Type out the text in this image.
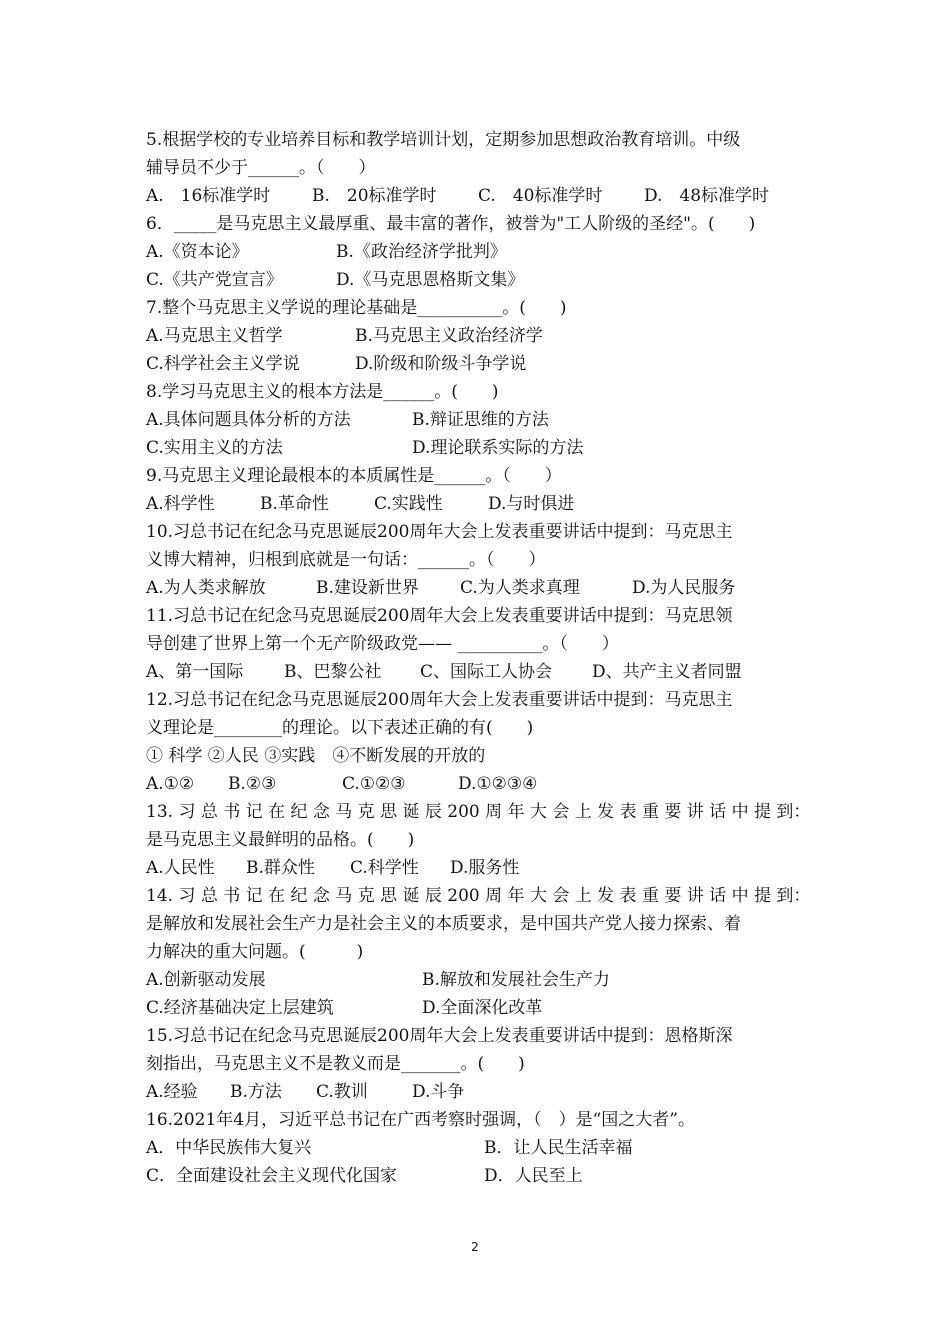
5.根据学校的专业培养目标和教学培训计划，定期参加思想政治教育培训。中级
辅导员不少于______。（　　）
A.　16标准学时 B.　20标准学时 C.　40标准学时 D.　48标准学时
6．_____是马克思主义最厚重、最丰富的著作，被誉为"工人阶级的圣经"。(　　)
A.《资本论》	B.《政治经济学批判》
C.《共产党宣言》	D.《马克思恩格斯文集》
7.整个马克思主义学说的理论基础是__________。(　　)
A.马克思主义哲学	B.马克思主义政治经济学
C.科学社会主义学说	D.阶级和阶级斗争学说
8.学习马克思主义的根本方法是______。(　　)
A.具体问题具体分析的方法	B.辩证思维的方法
C.实用主义的方法	D.理论联系实际的方法
9.马克思主义理论最根本的本质属性是______。（　　）
A.科学性	B.革命性	C.实践性	D.与时俱进
10.习总书记在纪念马克思诞辰200周年大会上发表重要讲话中提到：马克思主
义博大精神，归根到底就是一句话：______。（　　）
A.为人类求解放	B.建设新世界 C.为人类求真理	D.为人民服务
11.习总书记在纪念马克思诞辰200周年大会上发表重要讲话中提到：马克思领
导创建了世界上第一个无产阶级政党—— __________。（　　）
A、第一国际 B、巴黎公社 C、国际工人协会 D、共产主义者同盟
12.习总书记在纪念马克思诞辰200周年大会上发表重要讲话中提到：马克思主
义理论是________的理论。以下表述正确的有(　　)
① 科学 ②人民 ③实践　④不断发展的开放的
A.①② B.②③	C.①②③	D.①②③④
13. 习 总 书 记 在 纪 念 马 克 思 诞 辰 200 周 年 大 会 上 发 表 重 要 讲 话 中 提 到：
是马克思主义最鲜明的品格。(　　)
A.人民性 B.群众性 C.科学性 D.服务性
14. 习 总 书 记 在 纪 念 马 克 思 诞 辰 200 周 年 大 会 上 发 表 重 要 讲 话 中 提 到：
是解放和发展社会生产力是社会主义的本质要求，是中国共产党人接力探索、着
力解决的重大问题。(　　　)
A.创新驱动发展	B.解放和发展社会生产力
C.经济基础决定上层建筑	D.全面深化改革
15.习总书记在纪念马克思诞辰200周年大会上发表重要讲话中提到：恩格斯深
刻指出，马克思主义不是教义而是_______。(　　)
A.经验 B.方法 C.教训	D.斗争
16.2021年4月，习近平总书记在广西考察时强调，（　）是“国之大者”。
A．中华民族伟大复兴	B．让人民生活幸福
C．全面建设社会主义现代化国家	D．人民至上
2
